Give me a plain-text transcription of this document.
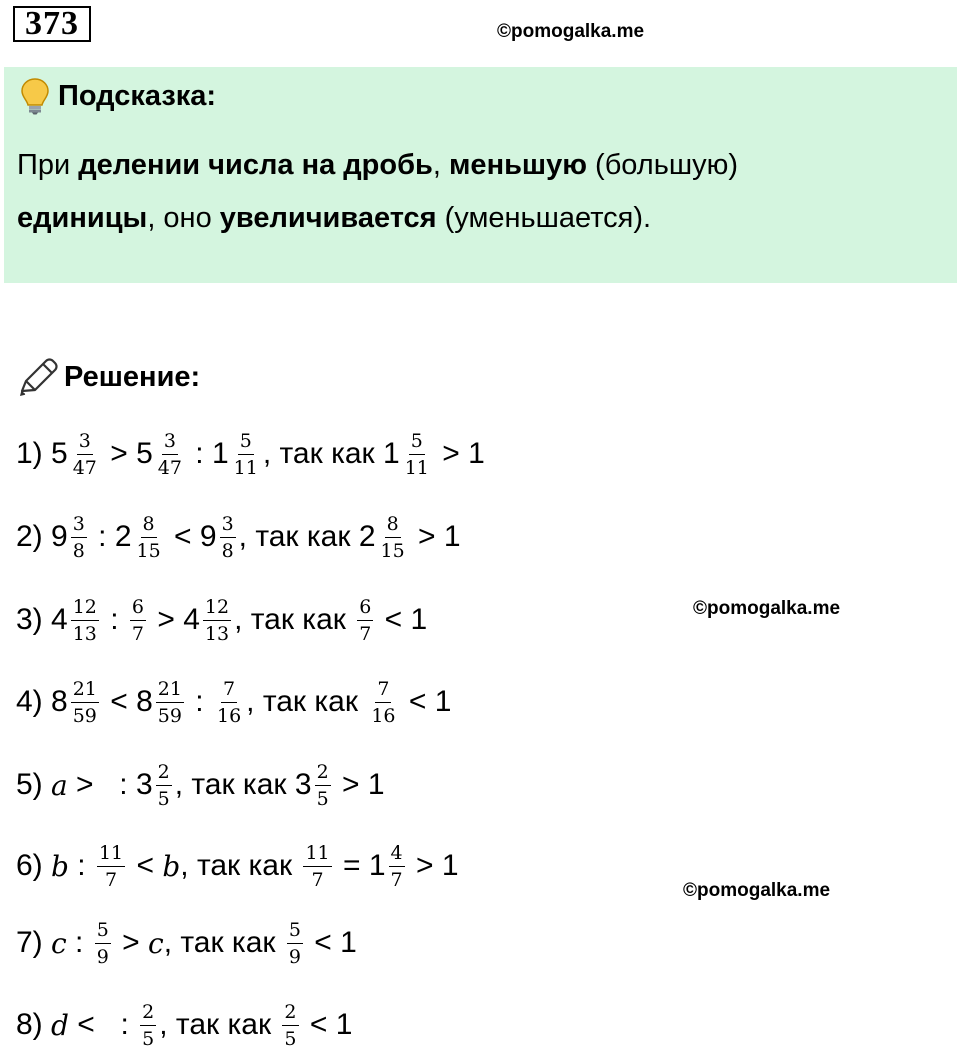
373	©pomogalka.me
Подсказка:
При делении числа на дробь, меньшую (большую)
единицы, оно увеличивается (уменьшается).
Решение:
1) $5 \frac{3}{47} > 5 \frac{3}{47}$ : $1 \frac{5}{11}$ , так как $1 \frac{5}{11} > 1$
2) $9 \frac{3}{8}$ : $2 \frac{8}{15} < 9 \frac{3}{8}$ , так как $2 \frac{8}{15} > 1$
3) $4 \frac{12}{13}$ : $\frac{6}{7} > 4 \frac{12}{13}$ , так как $\frac{6}{7} < 1$	©pomogalka.me
4) $8 \frac{21}{59} < 8 \frac{21}{59}$ : $\frac{7}{16}$ , так как $\frac{7}{16} < 1$
5) a > : $3 \frac{2}{5}$ , так как $3 \frac{2}{5} > 1$
6) b : $\frac{11}{7} < b$ , так как $\frac{11}{7} = 1 \frac{4}{7} > 1$
©pomogalka.me
7) c : $\frac{5}{9} > c$ , так как $\frac{5}{9} < 1$
8) d < : $\frac{2}{5}$ , так как $\frac{2}{5} < 1$
